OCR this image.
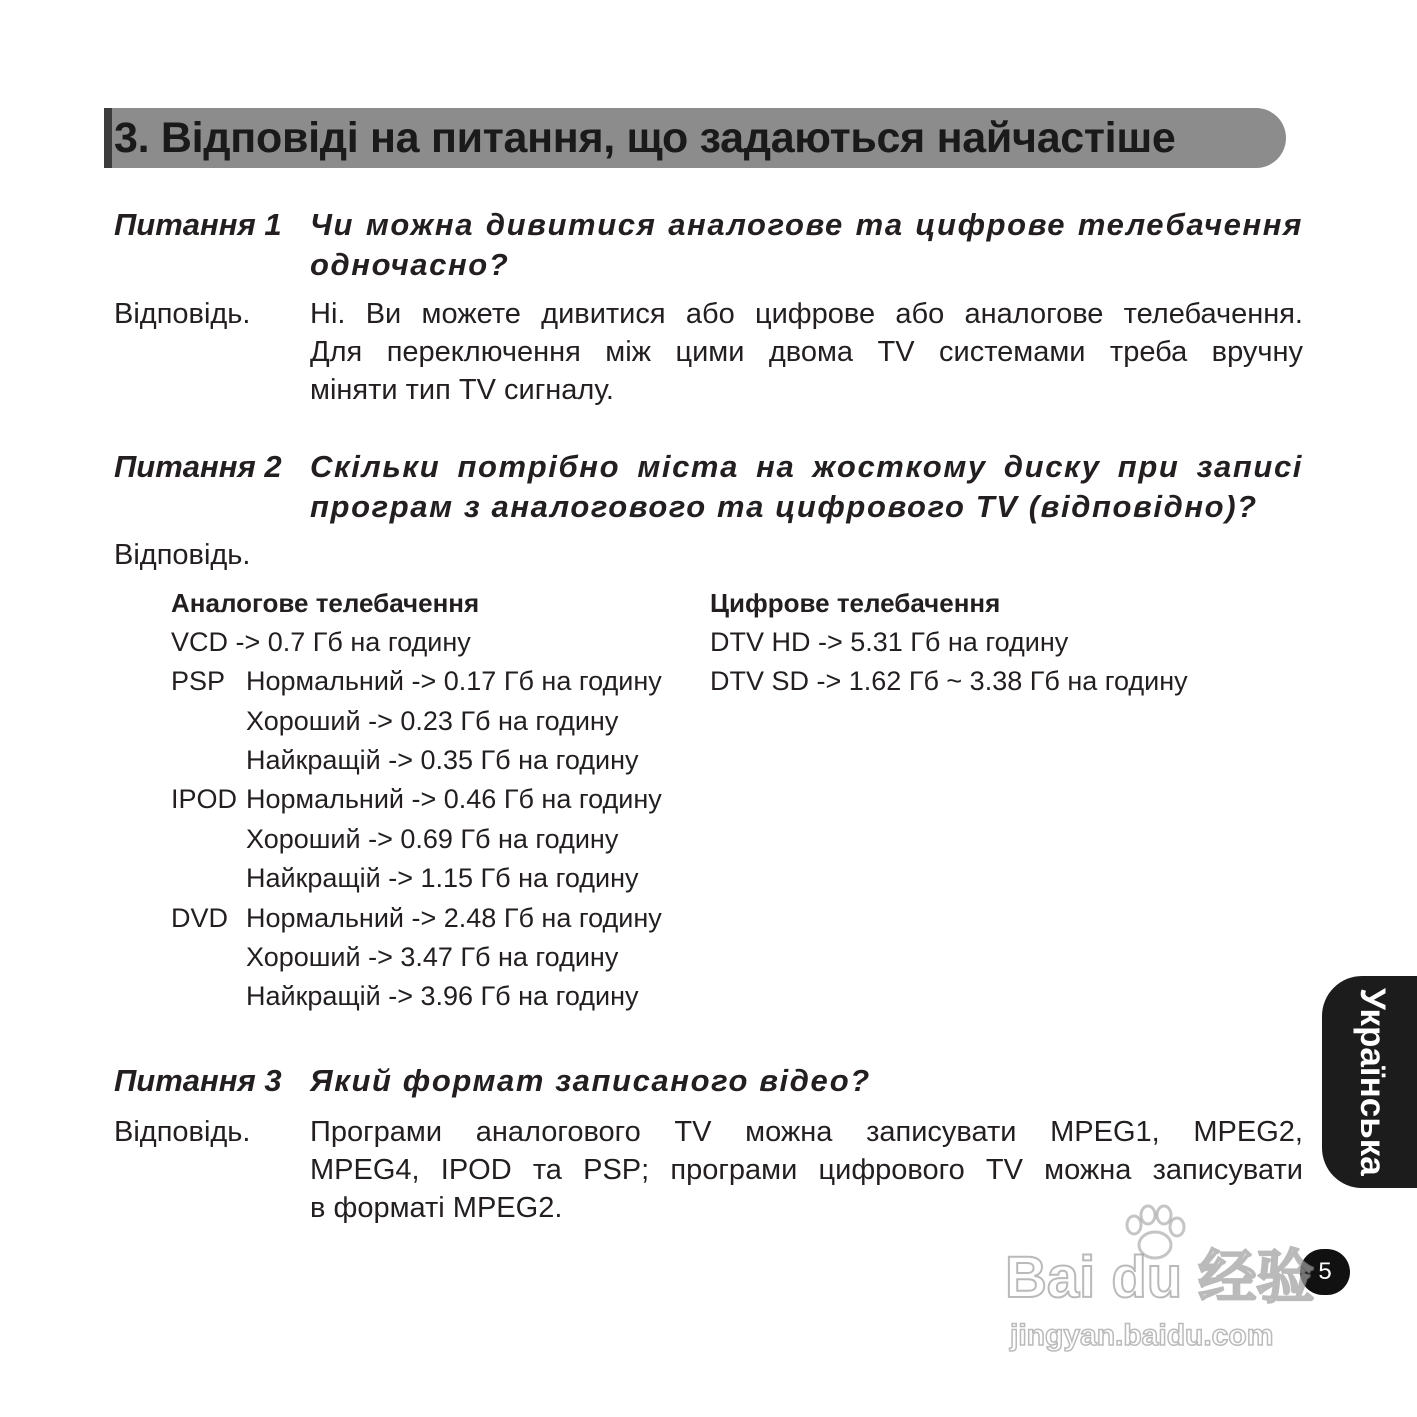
3. Відповіді на питання, що задаються найчастіше
Питання 1 Чи можна дивитися аналогове та цифрове телебачення одночасно?
Відповідь. Ні. Ви можете дивитися або цифрове або аналогове телебачення.
Для переключення між цими двома TV системами треба вручну
міняти тип TV сигналу.
Питання 2 Скільки потрібно міста на жосткому диску при записі програм з аналогового та цифрового TV (відповідно)?
Відповідь.
Аналогове телебачення
VCD -> 0.7 Гб на годину
PSP Нормальний -> 0.17 Гб на годину
Хороший -> 0.23 Гб на годину
Найкращій -> 0.35 Гб на годину
IPOD Нормальний -> 0.46 Гб на годину
Хороший -> 0.69 Гб на годину
Найкращій -> 1.15 Гб на годину
DVD Нормальний -> 2.48 Гб на годину
Хороший -> 3.47 Гб на годину
Найкращій -> 3.96 Гб на годину
Цифрове телебачення
DTV HD -> 5.31 Гб на годину
DTV SD -> 1.62 Гб ~ 3.38 Гб на годину
Питання 3 Який формат записаного відео?
Відповідь. Програми аналогового TV можна записувати MPEG1, MPEG2,
MPEG4, IPOD та PSP; програми цифрового TV можна записувати
в форматі MPEG2.
Українська
5
Bai du 经验
jingyan.baidu.com
